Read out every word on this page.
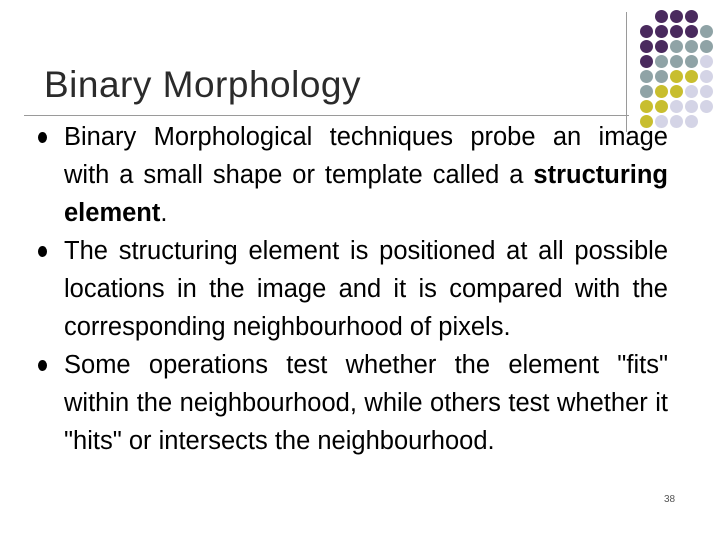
Binary Morphology
Binary Morphological techniques probe an image with a small shape or template called a structuring element.
The structuring element is positioned at all possible locations in the image and it is compared with the corresponding neighbourhood of pixels.
Some operations test whether the element "fits" within the neighbourhood, while others test whether it "hits" or intersects the neighbourhood.
38
